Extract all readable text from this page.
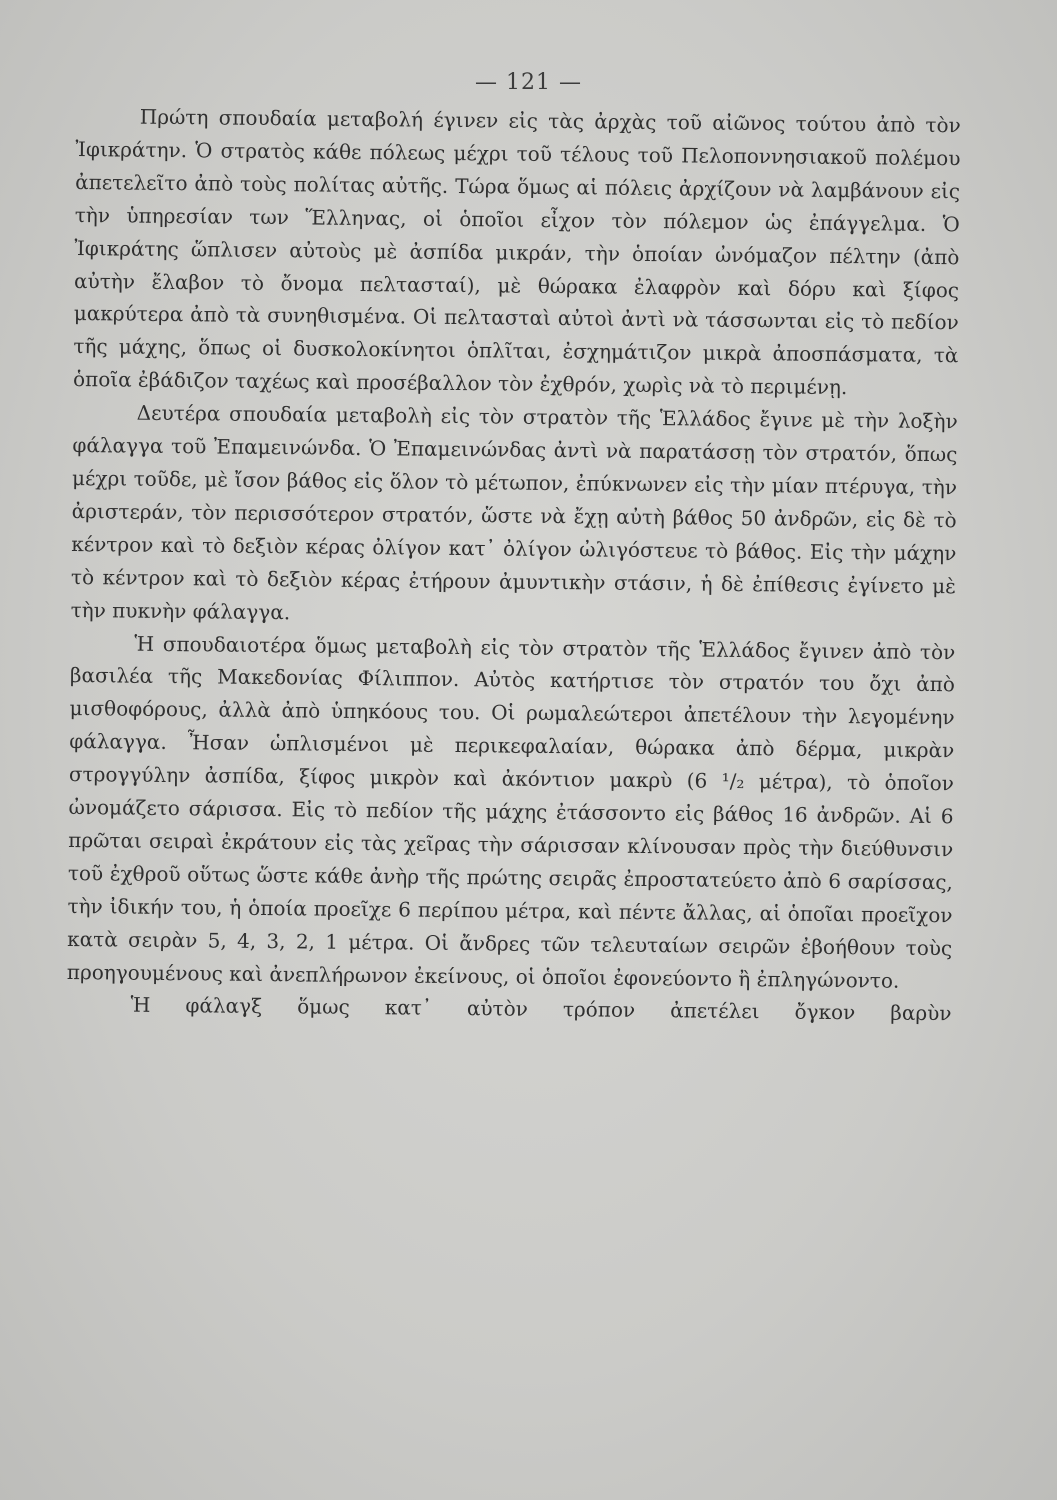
— 121 —

Πρώτη σπουδαία μεταβολή έγινεν εἰς τὰς ἀρχὰς τοῦ αἰῶνος τούτου ἀπὸ τὸν Ἰφικράτην. Ὁ στρατὸς κάθε πόλεως μέχρι τοῦ τέλους τοῦ Πελοποννησιακοῦ πολέμου ἀπετελεῖτο ἀπὸ τοὺς πολίτας αὐτῆς. Τώρα ὅμως αἱ πόλεις ἀρχίζουν νὰ λαμβάνουν εἰς τὴν ὑπηρεσίαν των Ἕλληνας, οἱ ὁποῖοι εἶχον τὸν πόλεμον ὡς ἐπάγγελμα. Ὁ Ἰφικράτης ὥπλισεν αὐτοὺς μὲ ἀσπίδα μικράν, τὴν ὁποίαν ὠνόμαζον πέλτην (ἀπὸ αὐτὴν ἔλαβον τὸ ὄνομα πελτασταί), μὲ θώρακα ἐλαφρὸν καὶ δόρυ καὶ ξίφος μακρύτερα ἀπὸ τὰ συνηθισμένα. Οἱ πελτασταὶ αὐτοὶ ἀντὶ νὰ τάσσωνται εἰς τὸ πεδίον τῆς μάχης, ὅπως οἱ δυσκολοκίνητοι ὁπλῖται, ἐσχημάτιζον μικρὰ ἀποσπάσματα, τὰ ὁποῖα ἐβάδιζον ταχέως καὶ προσέβαλλον τὸν ἐχθρόν, χωρὶς νὰ τὸ περιμένῃ.

Δευτέρα σπουδαία μεταβολὴ εἰς τὸν στρατὸν τῆς Ἑλλάδος ἔγινε μὲ τὴν λοξὴν φάλαγγα τοῦ Ἐπαμεινώνδα. Ὁ Ἐπαμεινώνδας ἀντὶ νὰ παρατάσσῃ τὸν στρατόν, ὅπως μέχρι τοῦδε, μὲ ἴσον βάθος εἰς ὅλον τὸ μέτωπον, ἐπύκνωνεν εἰς τὴν μίαν πτέρυγα, τὴν ἀριστεράν, τὸν περισσότερον στρατόν, ὥστε νὰ ἔχῃ αὐτὴ βάθος 50 ἀνδρῶν, εἰς δὲ τὸ κέντρον καὶ τὸ δεξιὸν κέρας ὀλίγον κατ᾽ ὀλίγον ὠλιγόστευε τὸ βάθος. Εἰς τὴν μάχην τὸ κέντρον καὶ τὸ δεξιὸν κέρας ἐτήρουν ἀμυντικὴν στάσιν, ἡ δὲ ἐπίθεσις ἐγίνετο μὲ τὴν πυκνὴν φάλαγγα.

Ἡ σπουδαιοτέρα ὅμως μεταβολὴ εἰς τὸν στρατὸν τῆς Ἑλλάδος ἔγινεν ἀπὸ τὸν βασιλέα τῆς Μακεδονίας Φίλιππον. Αὐτὸς κατήρτισε τὸν στρατόν του ὄχι ἀπὸ μισθοφόρους, ἀλλὰ ἀπὸ ὑπηκόους του. Οἱ ρωμαλεώτεροι ἀπετέλουν τὴν λεγομένην φάλαγγα. Ἦσαν ὡπλισμένοι μὲ περικεφαλαίαν, θώρακα ἀπὸ δέρμα, μικρὰν στρογγύλην ἀσπίδα, ξίφος μικρὸν καὶ ἀκόντιον μακρὺ (6 ¹/₂ μέτρα), τὸ ὁποῖον ὠνομάζετο σάρισσα. Εἰς τὸ πεδίον τῆς μάχης ἐτάσσοντο εἰς βάθος 16 ἀνδρῶν. Αἱ 6 πρῶται σειραὶ ἐκράτουν εἰς τὰς χεῖρας τὴν σάρισσαν κλίνουσαν πρὸς τὴν διεύθυνσιν τοῦ ἐχθροῦ οὕτως ὥστε κάθε ἀνὴρ τῆς πρώτης σειρᾶς ἐπροστατεύετο ἀπὸ 6 σαρίσσας, τὴν ἰδικήν του, ἡ ὁποία προεῖχε 6 περίπου μέτρα, καὶ πέντε ἄλλας, αἱ ὁποῖαι προεῖχον κατὰ σειρὰν 5, 4, 3, 2, 1 μέτρα. Οἱ ἄνδρες τῶν τελευταίων σειρῶν ἐβοήθουν τοὺς προηγουμένους καὶ ἀνεπλήρωνον ἐκείνους, οἱ ὁποῖοι ἐφονεύοντο ἢ ἐπληγώνοντο.

Ἡ φάλαγξ ὅμως κατ᾽ αὐτὸν τρόπον ἀπετέλει ὄγκον βαρὺν
